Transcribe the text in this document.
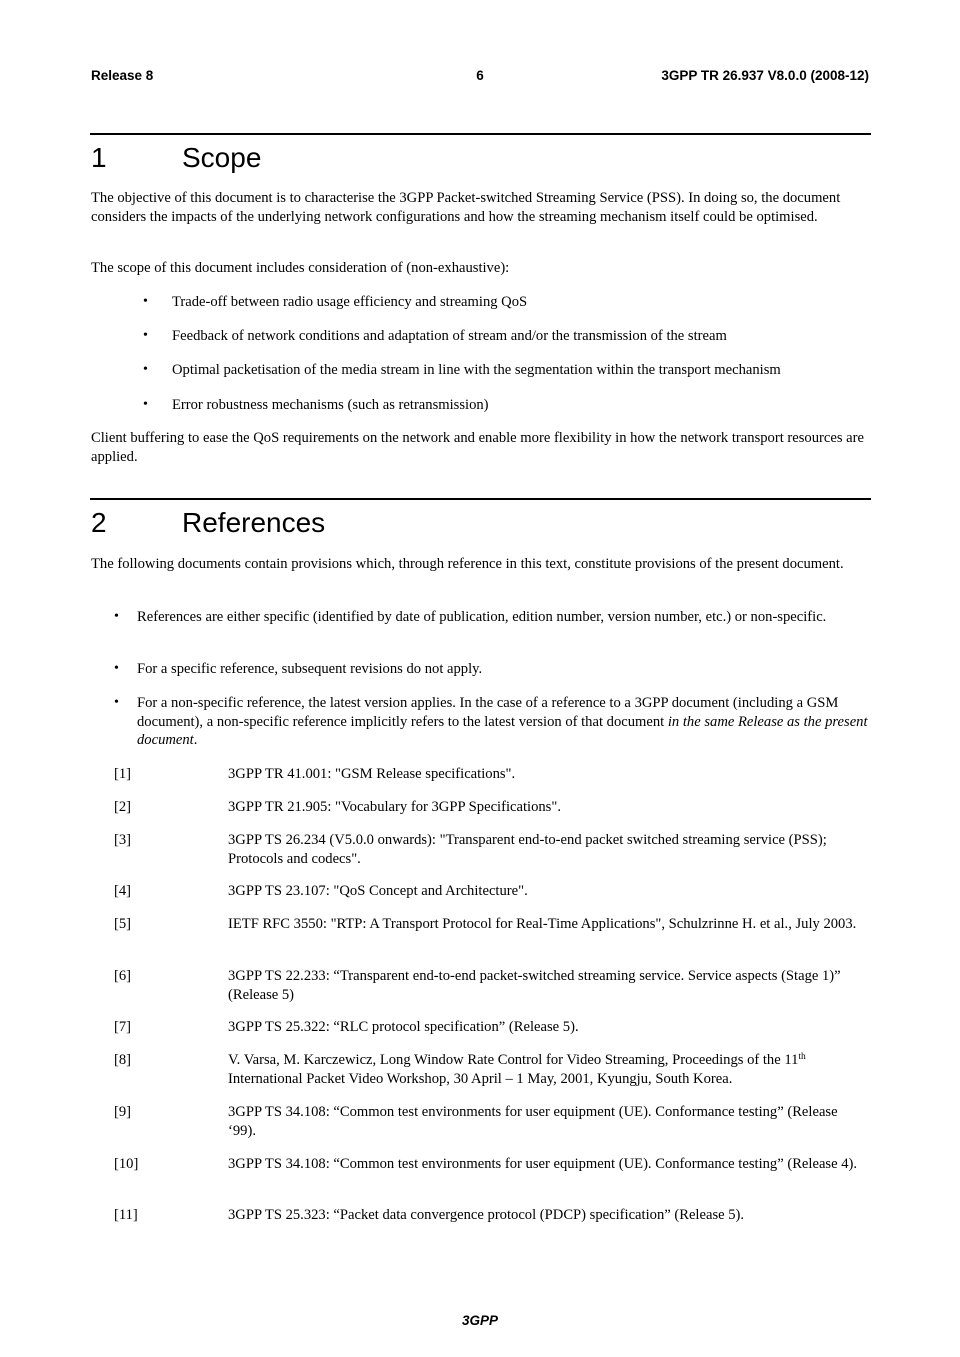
Release 8	6	3GPP TR 26.937 V8.0.0 (2008-12)
1	Scope

The objective of this document is to characterise the 3GPP Packet-switched Streaming Service (PSS). In doing so, the document considers the impacts of the underlying network configurations and how the streaming mechanism itself could be optimised.

The scope of this document includes consideration of (non-exhaustive):

• Trade-off between radio usage efficiency and streaming QoS
• Feedback of network conditions and adaptation of stream and/or the transmission of the stream
• Optimal packetisation of the media stream in line with the segmentation within the transport mechanism
• Error robustness mechanisms (such as retransmission)

Client buffering to ease the QoS requirements on the network and enable more flexibility in how the network transport resources are applied.

2	References

The following documents contain provisions which, through reference in this text, constitute provisions of the present document.

• References are either specific (identified by date of publication, edition number, version number, etc.) or non-specific.
• For a specific reference, subsequent revisions do not apply.
• For a non-specific reference, the latest version applies. In the case of a reference to a 3GPP document (including a GSM document), a non-specific reference implicitly refers to the latest version of that document in the same Release as the present document.
[1]	3GPP TR 41.001: "GSM Release specifications".
[2]	3GPP TR 21.905: "Vocabulary for 3GPP Specifications".
[3]	3GPP TS 26.234 (V5.0.0 onwards): "Transparent end-to-end packet switched streaming service (PSS); Protocols and codecs".
[4]	3GPP TS 23.107: "QoS Concept and Architecture".
[5]	IETF RFC 3550: "RTP: A Transport Protocol for Real-Time Applications", Schulzrinne H. et al., July 2003.
[6]	3GPP TS 22.233: “Transparent end-to-end packet-switched streaming service. Service aspects (Stage 1)” (Release 5)
[7]	3GPP TS 25.322: “RLC protocol specification” (Release 5).
[8]	V. Varsa, M. Karczewicz, Long Window Rate Control for Video Streaming, Proceedings of the 11th International Packet Video Workshop, 30 April – 1 May, 2001, Kyungju, South Korea.
[9]	3GPP TS 34.108: “Common test environments for user equipment (UE). Conformance testing” (Release ‘99).
[10]	3GPP TS 34.108: “Common test environments for user equipment (UE). Conformance testing” (Release 4).
[11]	3GPP TS 25.323: “Packet data convergence protocol (PDCP) specification” (Release 5).
3GPP
